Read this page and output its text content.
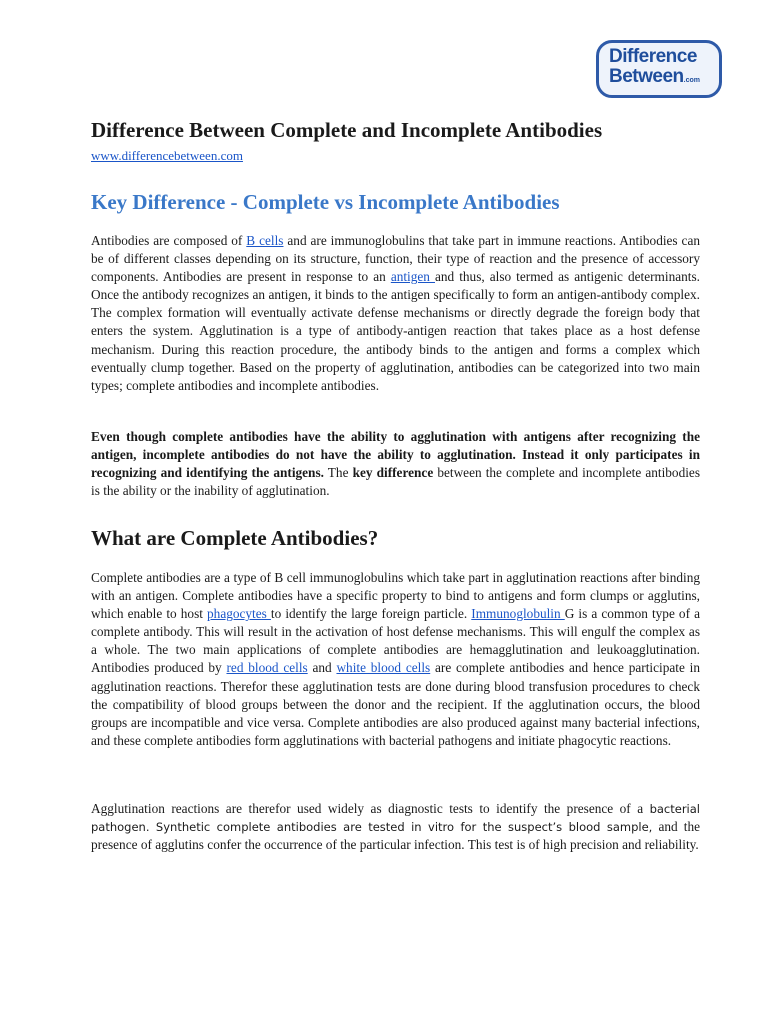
Difference
Between.com
Difference Between Complete and Incomplete Antibodies
www.differencebetween.com
Key Difference - Complete vs Incomplete Antibodies

Antibodies are composed of B cells and are immunoglobulins that take part in immune reactions. Antibodies can be of different classes depending on its structure, function, their type of reaction and the presence of accessory components. Antibodies are present in response to an antigen and thus, also termed as antigenic determinants. Once the antibody recognizes an antigen, it binds to the antigen specifically to form an antigen-antibody complex. The complex formation will eventually activate defense mechanisms or directly degrade the foreign body that enters the system. Agglutination is a type of antibody-antigen reaction that takes place as a host defense mechanism. During this reaction procedure, the antibody binds to the antigen and forms a complex which eventually clump together. Based on the property of agglutination, antibodies can be categorized into two main types; complete antibodies and incomplete antibodies.

Even though complete antibodies have the ability to agglutination with antigens after recognizing the antigen, incomplete antibodies do not have the ability to agglutination. Instead it only participates in recognizing and identifying the antigens. The key difference between the complete and incomplete antibodies is the ability or the inability of agglutination.

What are Complete Antibodies?

Complete antibodies are a type of B cell immunoglobulins which take part in agglutination reactions after binding with an antigen. Complete antibodies have a specific property to bind to antigens and form clumps or agglutins, which enable to host phagocytes to identify the large foreign particle. Immunoglobulin G is a common type of a complete antibody. This will result in the activation of host defense mechanisms. This will engulf the complex as a whole. The two main applications of complete antibodies are hemagglutination and leukoagglutination. Antibodies produced by red blood cells and white blood cells are complete antibodies and hence participate in agglutination reactions. Therefor these agglutination tests are done during blood transfusion procedures to check the compatibility of blood groups between the donor and the recipient. If the agglutination occurs, the blood groups are incompatible and vice versa. Complete antibodies are also produced against many bacterial infections, and these complete antibodies form agglutinations with bacterial pathogens and initiate phagocytic reactions.

Agglutination reactions are therefor used widely as diagnostic tests to identify the presence of a bacterial pathogen. Synthetic complete antibodies are tested in vitro for the suspect’s blood sample, and the presence of agglutins confer the occurrence of the particular infection. This test is of high precision and reliability.
